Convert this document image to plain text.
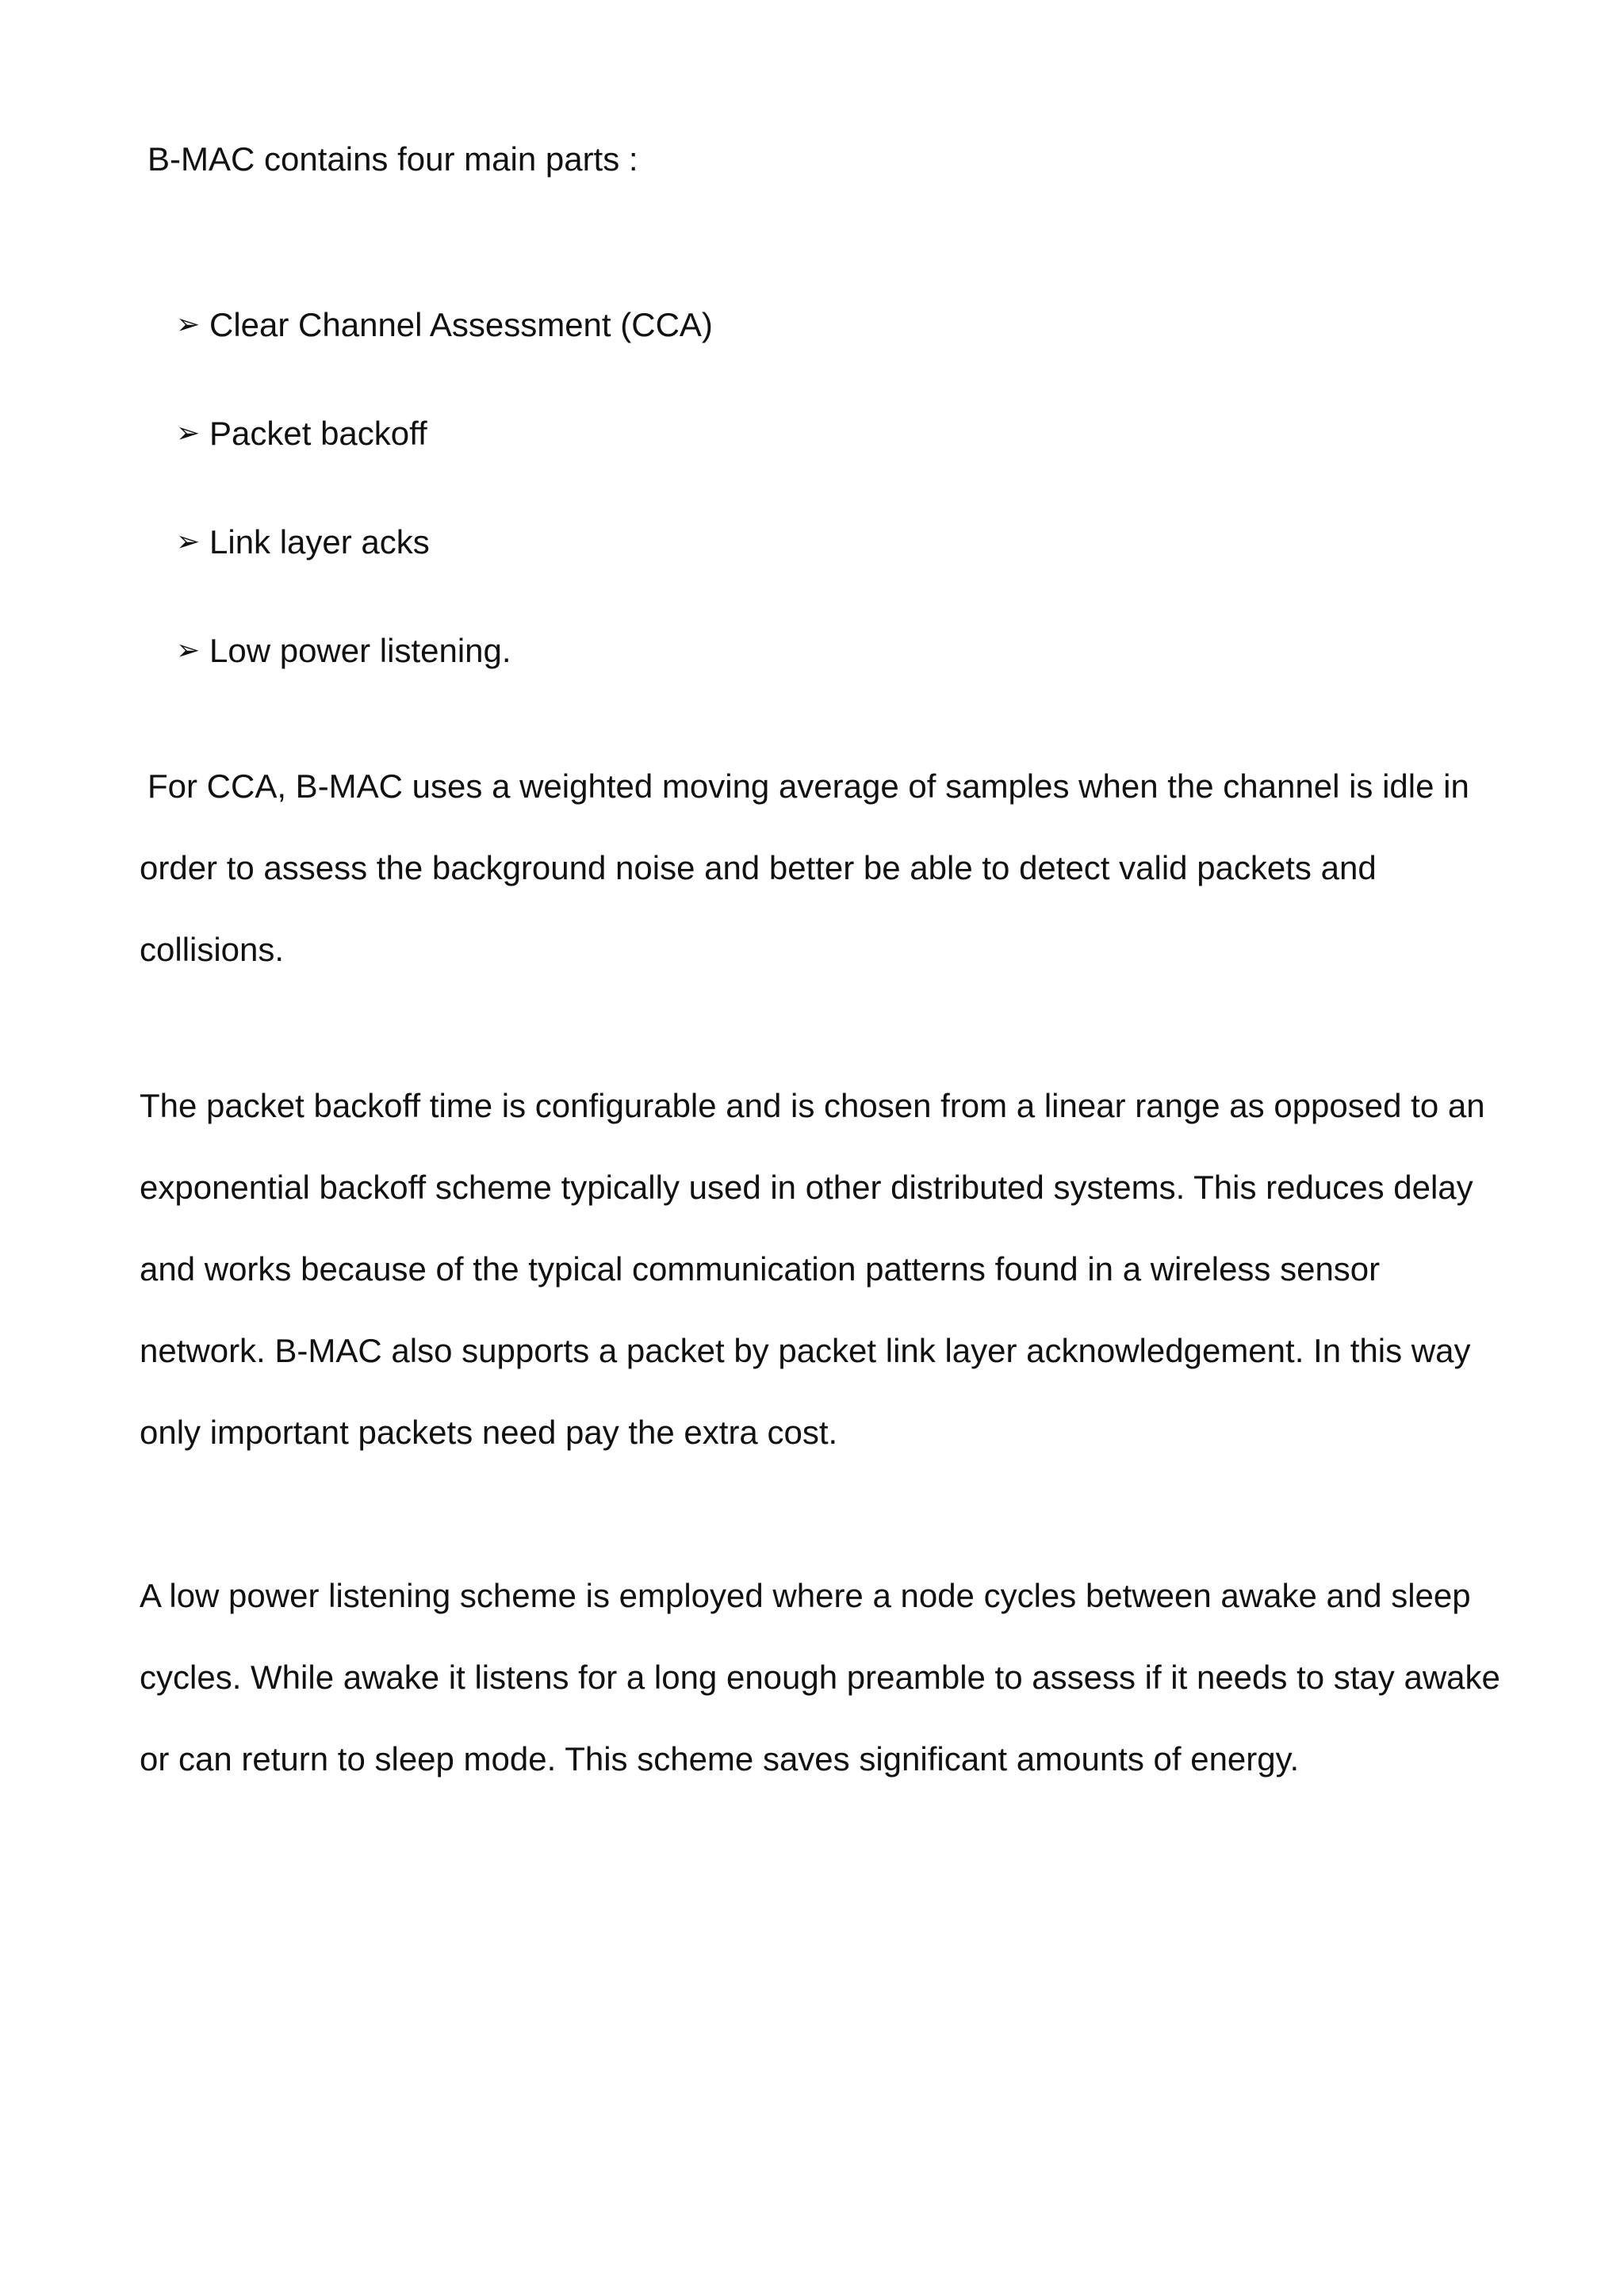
B-MAC contains four main parts :

➢ Clear Channel Assessment (CCA)
➢ Packet backoff
➢ Link layer acks
➢ Low power listening.

For CCA, B-MAC uses a weighted moving average of samples when the channel is idle in order to assess the background noise and better be able to detect valid packets and collisions.

The packet backoff time is configurable and is chosen from a linear range as opposed to an exponential backoff scheme typically used in other distributed systems. This reduces delay and works because of the typical communication patterns found in a wireless sensor network. B-MAC also supports a packet by packet link layer acknowledgement. In this way only important packets need pay the extra cost.

A low power listening scheme is employed where a node cycles between awake and sleep cycles. While awake it listens for a long enough preamble to assess if it needs to stay awake or can return to sleep mode. This scheme saves significant amounts of energy.
